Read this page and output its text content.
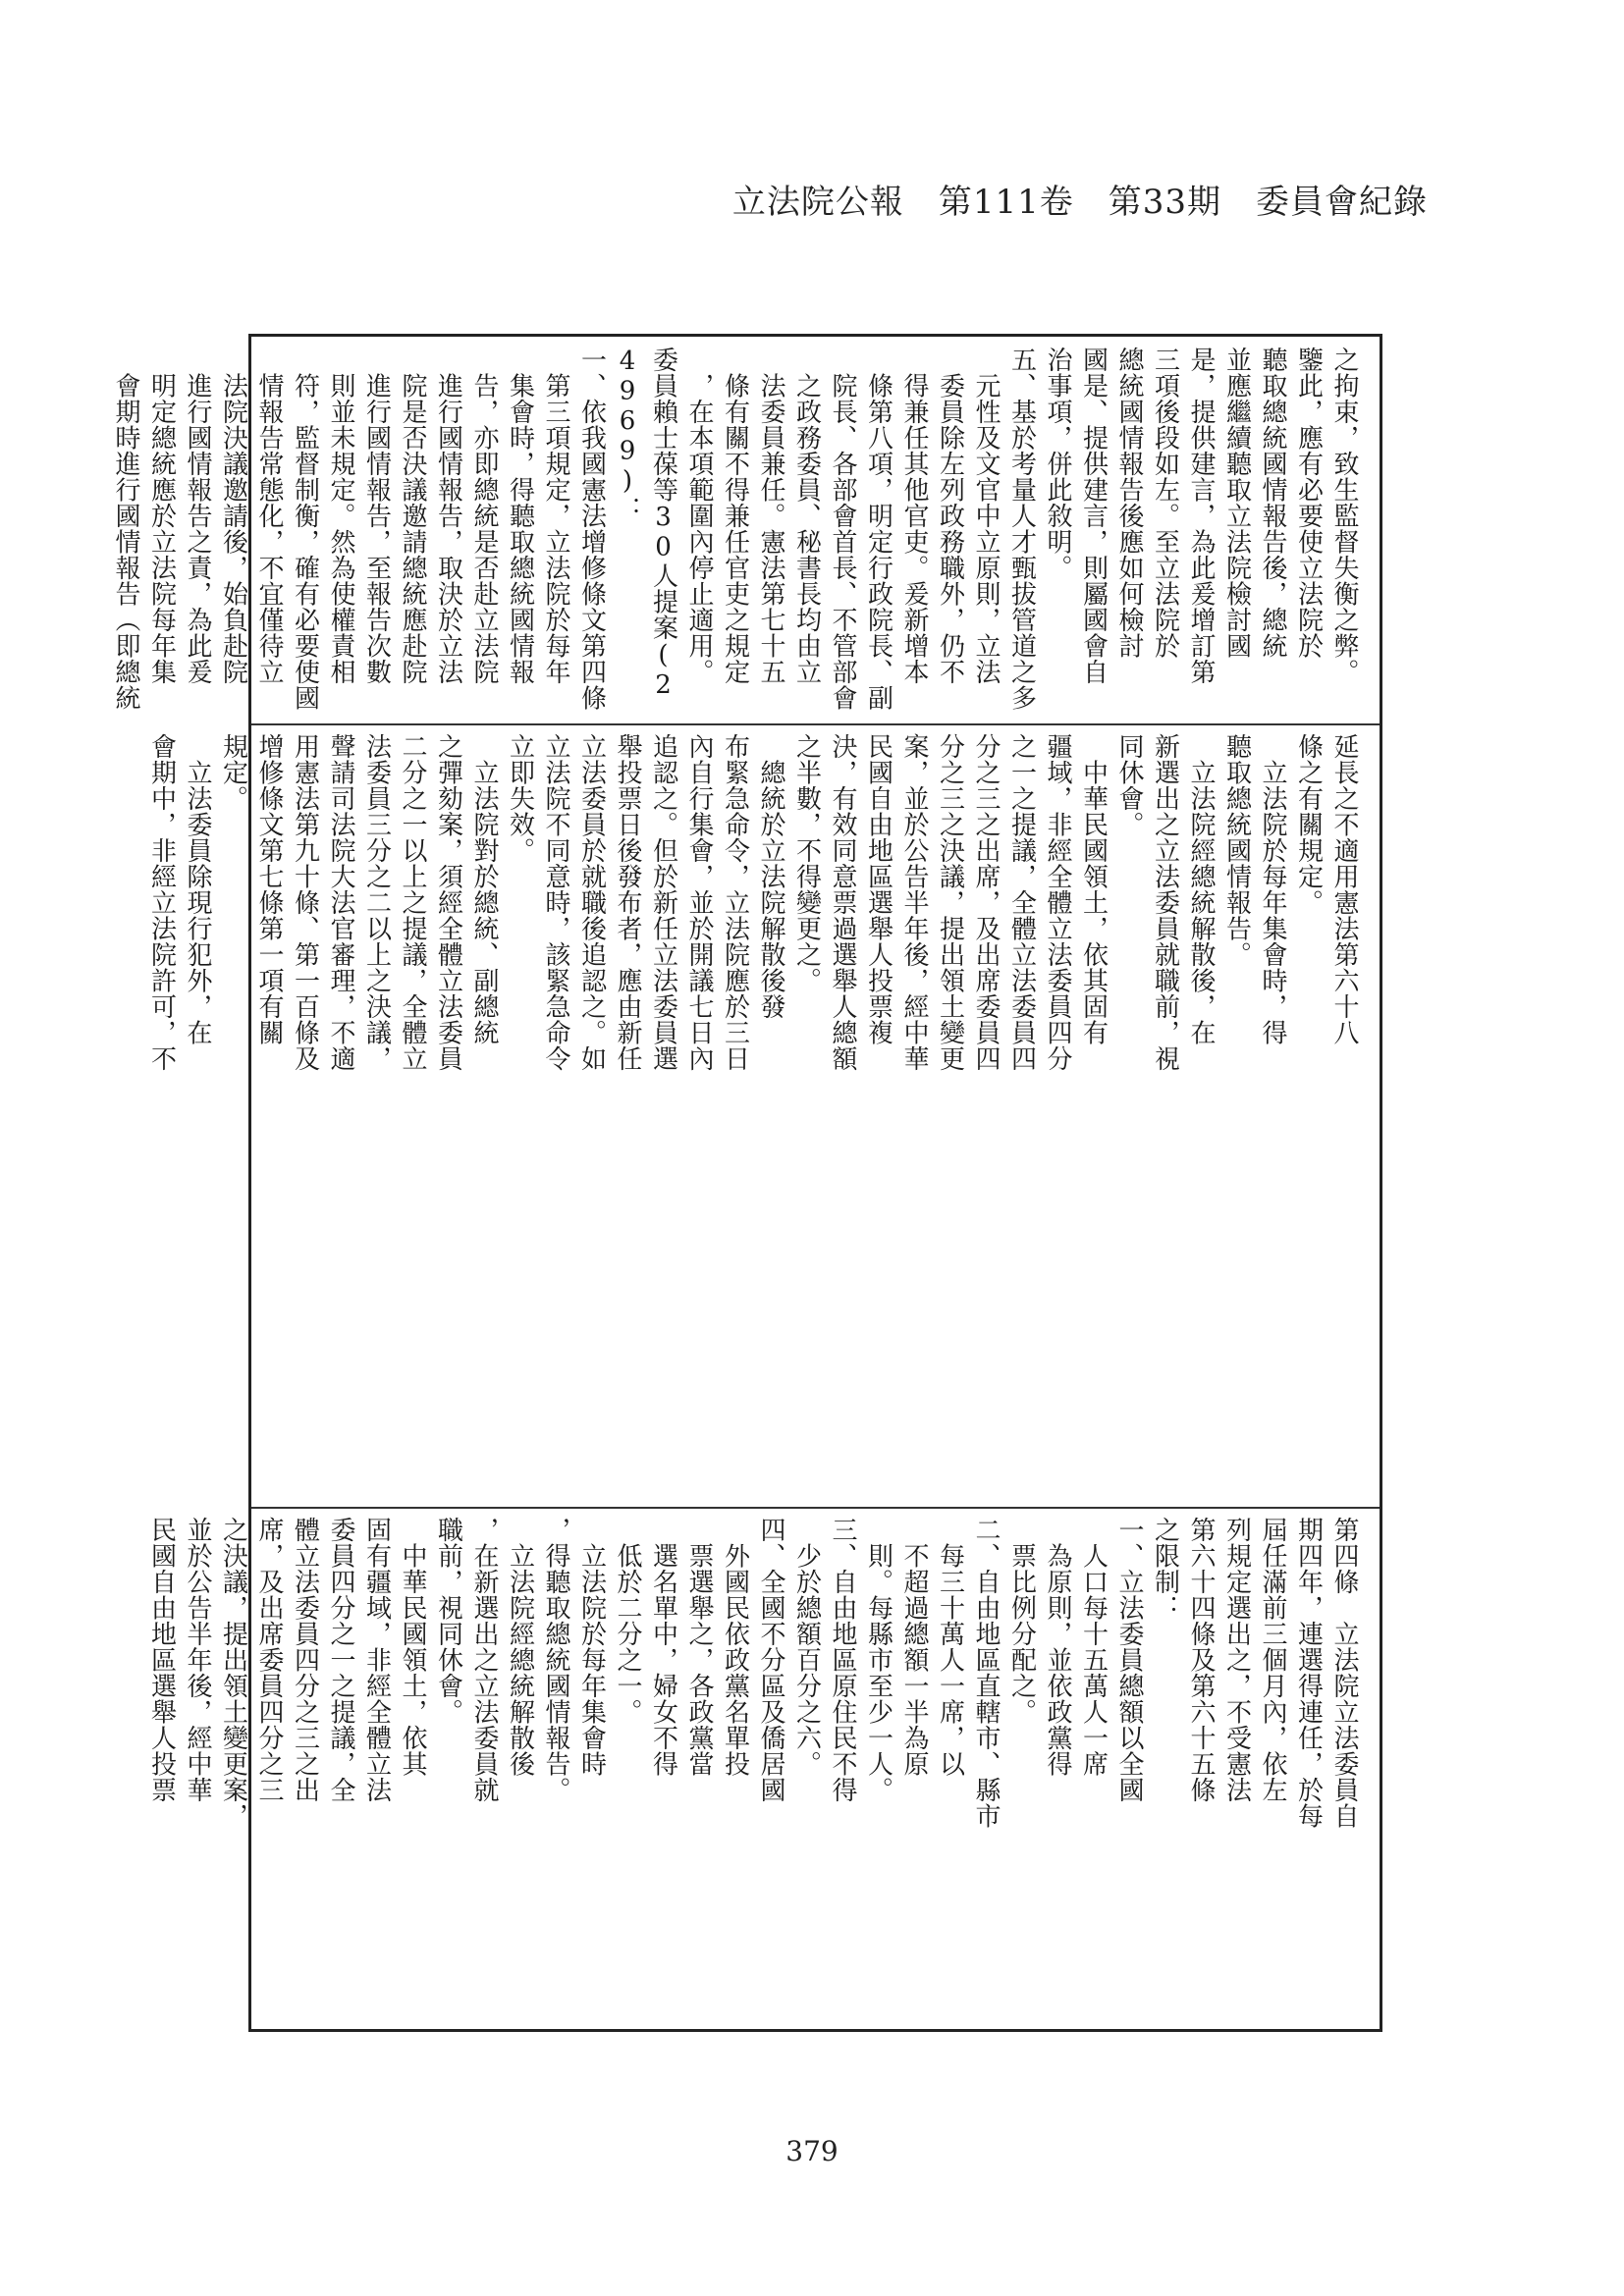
立法院公報　第111卷　第33期　委員會紀錄

之拘束，致生監督失衡之弊。

鑒此，應有必要使立法院於

聽取總統國情報告後，總統

並應繼續聽取立法院檢討國

是，提供建言，為此爰增訂第

三項後段如左。至立法院於

總統國情報告後應如何檢討

國是、提供建言，則屬國會自

治事項，併此敘明。

五、基於考量人才甄拔管道之多

　元性及文官中立原則，立法

　委員除左列政務職外，仍不

　得兼任其他官吏。爰新增本

　條第八項，明定行政院長、副

　院長、各部會首長、不管部會

　之政務委員、秘書長均由立

　法委員兼任。憲法第七十五

　條有關不得兼任官吏之規定

　，在本項範圍內停止適用。

委員賴士葆等30人提案(24969)：

一、依我國憲法增修條文第四條

　第三項規定，立法院於每年

　集會時，得聽取總統國情報

　告，亦即總統是否赴立法院

　進行國情報告，取決於立法

　院是否決議邀請總統應赴院

　進行國情報告，至報告次數

　則並未規定。然為使權責相

　符，監督制衡，確有必要使國

　情報告常態化，不宜僅待立

　法院決議邀請後，始負赴院

　進行國情報告之責，為此爰

　明定總統應於立法院每年集

　會期時進行國情報告（即總統

延長之不適用憲法第六十八

條之有關規定。

　立法院於每年集會時，得

聽取總統國情報告。

　立法院經總統解散後，在

新選出之立法委員就職前，視

同休會。

　中華民國領土，依其固有

疆域，非經全體立法委員四分

之一之提議，全體立法委員四

分之三之出席，及出席委員四

分之三之決議，提出領土變更

案，並於公告半年後，經中華

民國自由地區選舉人投票複

決，有效同意票過選舉人總額

之半數，不得變更之。

　總統於立法院解散後發

布緊急命令，立法院應於三日

內自行集會，並於開議七日內

追認之。但於新任立法委員選

舉投票日後發布者，應由新任

立法委員於就職後追認之。如

立法院不同意時，該緊急命令

立即失效。

　立法院對於總統、副總統

之彈劾案，須經全體立法委員

二分之一以上之提議，全體立

法委員三分之二以上之決議，

聲請司法院大法官審理，不適

用憲法第九十條、第一百條及

增修條文第七條第一項有關

規定。

　立法委員除現行犯外，在

會期中，非經立法院許可，不

第四條　立法院立法委員自

期四年，連選得連任，於每

屆任滿前三個月內，依左

列規定選出之，不受憲法

第六十四條及第六十五條

之限制：

一、立法委員總額以全國

　人口每十五萬人一席

　為原則，並依政黨得

　票比例分配之。

二、自由地區直轄市、縣市

　每三十萬人一席，以

　不超過總額一半為原

　則。每縣市至少一人。

三、自由地區原住民不得

　少於總額百分之六。

四、全國不分區及僑居國

　外國民依政黨名單投

　票選舉之，各政黨當

　選名單中，婦女不得

　低於二分之一。

　立法院於每年集會時

，得聽取總統國情報告。

　立法院經總統解散後

，在新選出之立法委員就

職前，視同休會。

　中華民國領土，依其

固有疆域，非經全體立法

委員四分之一之提議，全

體立法委員四分之三之出

席，及出席委員四分之三

之決議，提出領土變更案，

並於公告半年後，經中華

民國自由地區選舉人投票

379
